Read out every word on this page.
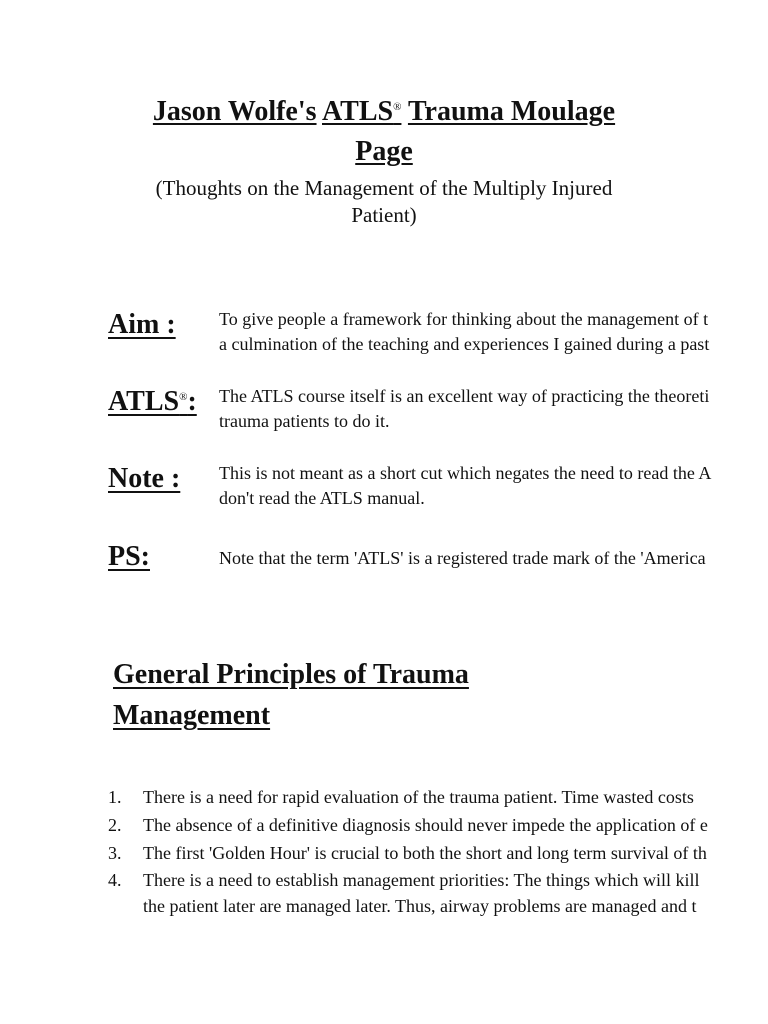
Jason Wolfe's ATLS® Trauma Moulage
Page
(Thoughts on the Management of the Multiply Injured
Patient)
Aim : To give people a framework for thinking about the management of t
a culmination of the teaching and experiences I gained during a past
ATLS®: The ATLS course itself is an excellent way of practicing the theoreti
trauma patients to do it.
Note : This is not meant as a short cut which negates the need to read the A
don't read the ATLS manual.
PS:	Note that the term 'ATLS' is a registered trade mark of the 'America
General Principles of Trauma
Management
1.	There is a need for rapid evaluation of the trauma patient. Time wasted costs
2.	The absence of a definitive diagnosis should never impede the application of e
3.	The first 'Golden Hour' is crucial to both the short and long term survival of th
4.	There is a need to establish management priorities: The things which will kill
the patient later are managed later. Thus, airway problems are managed and t
